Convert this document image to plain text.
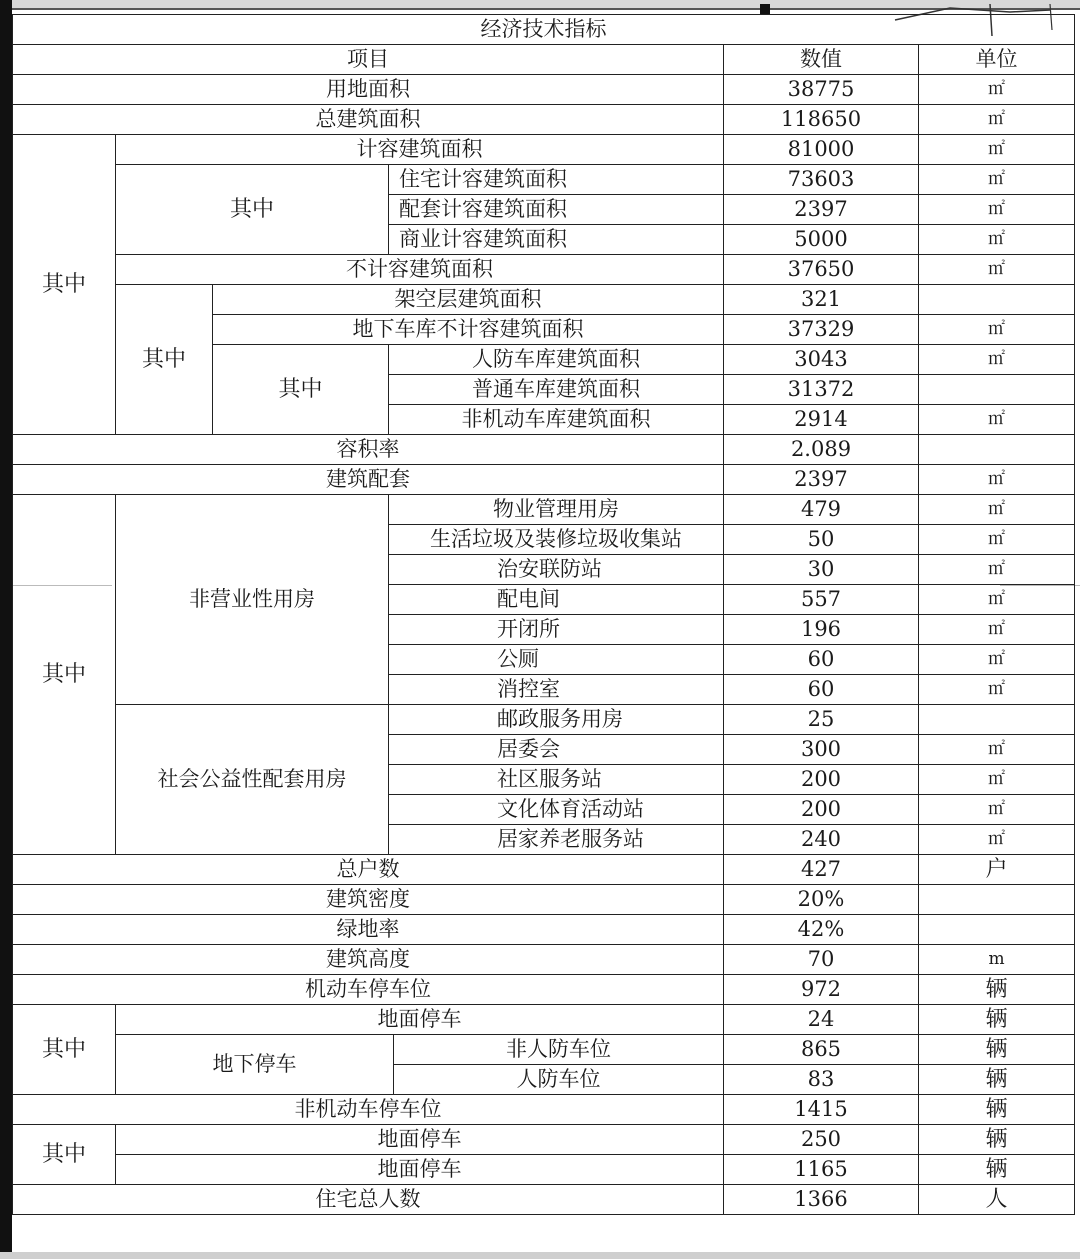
经济技术指标						
项目					数值	单位
用地面积					38775	㎡
总建筑面积					118650	㎡
其中	计容建筑面积				81000	㎡
	其中		住宅计容建筑面积		73603	㎡
			配套计容建筑面积		2397	㎡
			商业计容建筑面积		5000	㎡
	不计容建筑面积				37650	㎡
	其中	架空层建筑面积			321	
		地下车库不计容建筑面积			37329	㎡
		其中	人防车库建筑面积		3043	㎡
			普通车库建筑面积		31372	
			非机动车库建筑面积		2914	㎡
容积率					2.089	
建筑配套					2397	㎡
其中	非营业性用房		物业管理用房		479	㎡
			生活垃圾及装修垃圾收集站		50	㎡
			治安联防站		30	㎡
			配电间		557	㎡
			开闭所		196	㎡
			公厕		60	㎡
			消控室		60	㎡
	社会公益性配套用房		邮政服务用房		25	
			居委会		300	㎡
			社区服务站		200	㎡
			文化体育活动站		200	㎡
			居家养老服务站		240	㎡
总户数					427	户
建筑密度					20%	
绿地率					42%	
建筑高度					70	m
机动车停车位					972	辆
其中	地面停车				24	辆
	地下停车			非人防车位	865	辆
				人防车位	83	辆
非机动车停车位					1415	辆
其中	地面停车				250	辆
	地面停车				1165	辆
住宅总人数					1366	人
